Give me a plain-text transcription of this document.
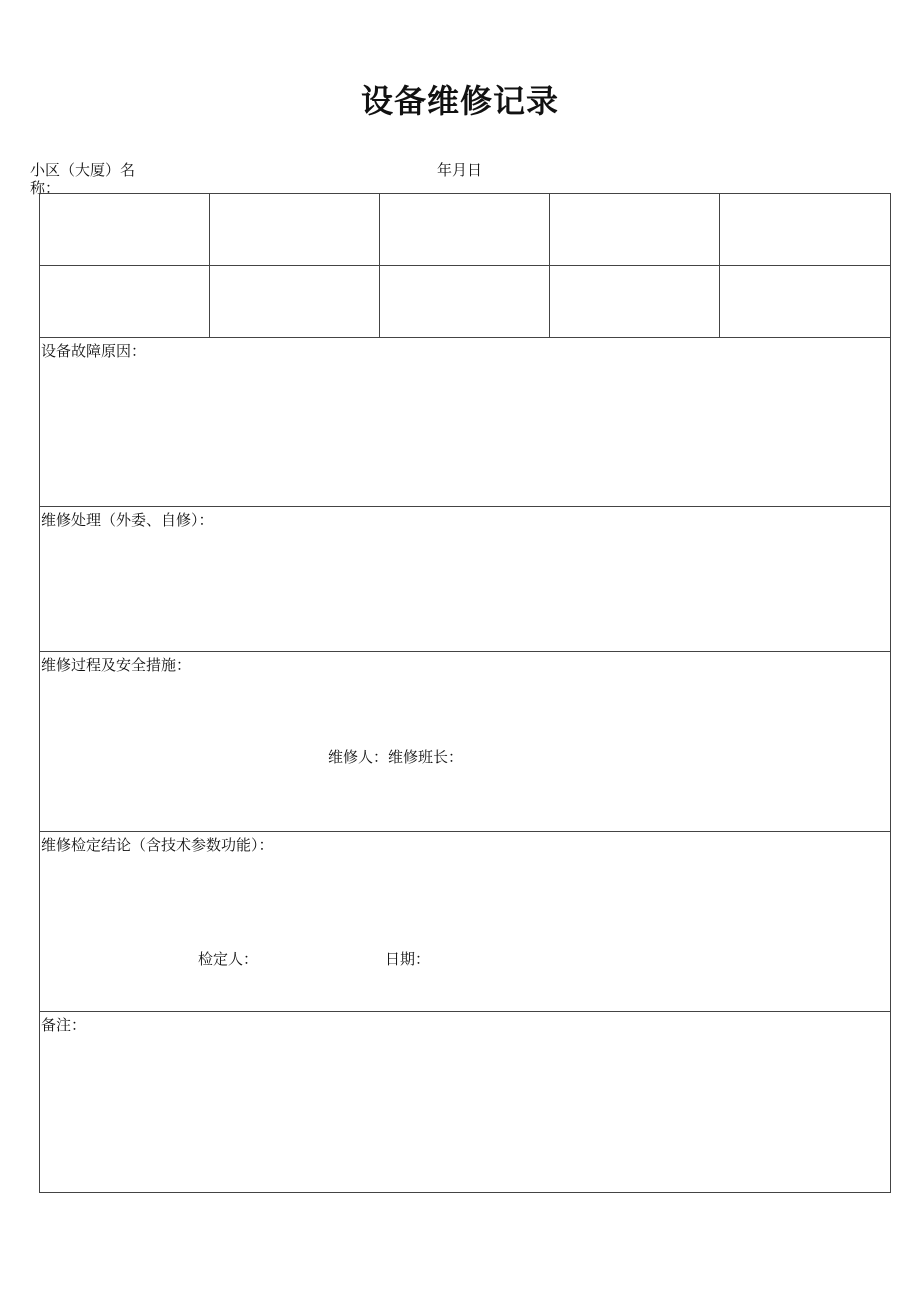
设备维修记录
小区（大厦）名称：
年月日

设备故障原因：				

维修处理（外委、自修）：				

维修过程及安全措施：
维修人：维修班长：				

维修检定结论（含技术参数功能）：
检定人： 日期：				

备注：				
